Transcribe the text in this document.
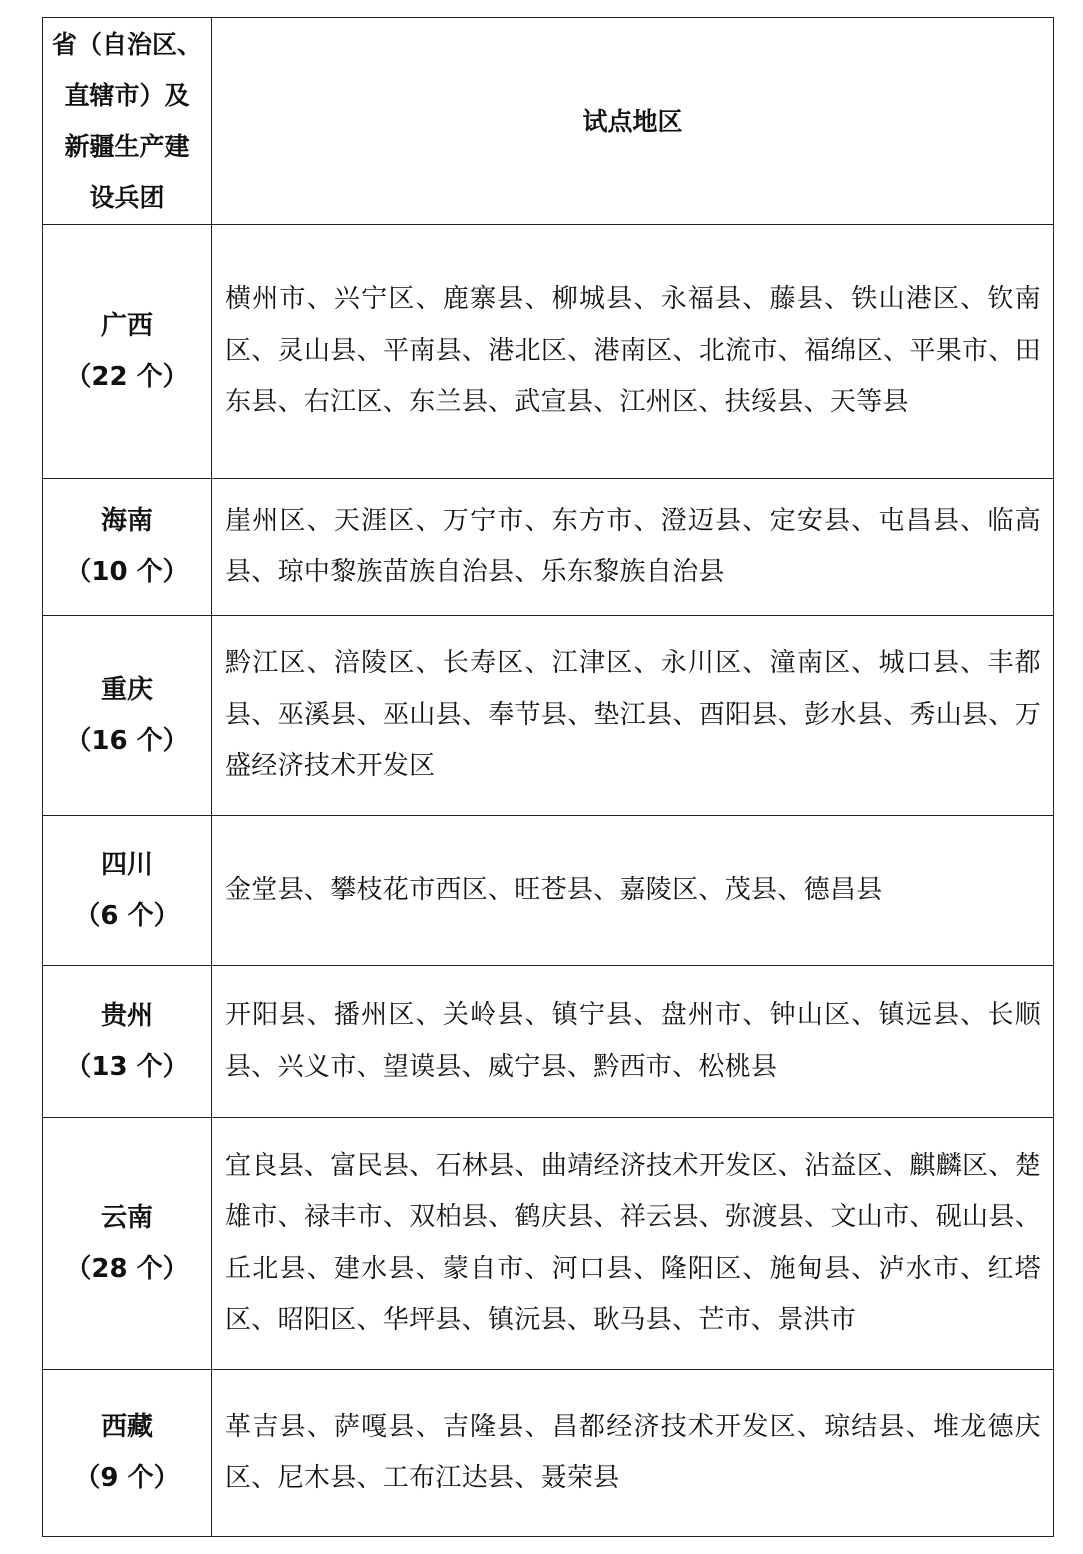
省（自治区、
直辖市）及
新疆生产建
设兵团	试点地区

广西
（22 个）	横州市、兴宁区、鹿寨县、柳城县、永福县、藤县、铁山港区、钦南区、灵山县、平南县、港北区、港南区、北流市、福绵区、平果市、田东县、右江区、东兰县、武宣县、江州区、扶绥县、天等县

海南
（10 个）	崖州区、天涯区、万宁市、东方市、澄迈县、定安县、屯昌县、临高县、琼中黎族苗族自治县、乐东黎族自治县

重庆
（16 个）	黔江区、涪陵区、长寿区、江津区、永川区、潼南区、城口县、丰都县、巫溪县、巫山县、奉节县、垫江县、酉阳县、彭水县、秀山县、万盛经济技术开发区

四川
（6 个）	金堂县、攀枝花市西区、旺苍县、嘉陵区、茂县、德昌县

贵州
（13 个）	开阳县、播州区、关岭县、镇宁县、盘州市、钟山区、镇远县、长顺县、兴义市、望谟县、威宁县、黔西市、松桃县

云南
（28 个）	宜良县、富民县、石林县、曲靖经济技术开发区、沾益区、麒麟区、楚雄市、禄丰市、双柏县、鹤庆县、祥云县、弥渡县、文山市、砚山县、丘北县、建水县、蒙自市、河口县、隆阳区、施甸县、泸水市、红塔区、昭阳区、华坪县、镇沅县、耿马县、芒市、景洪市

西藏
（9 个）	革吉县、萨嘎县、吉隆县、昌都经济技术开发区、琼结县、堆龙德庆区、尼木县、工布江达县、聂荣县
